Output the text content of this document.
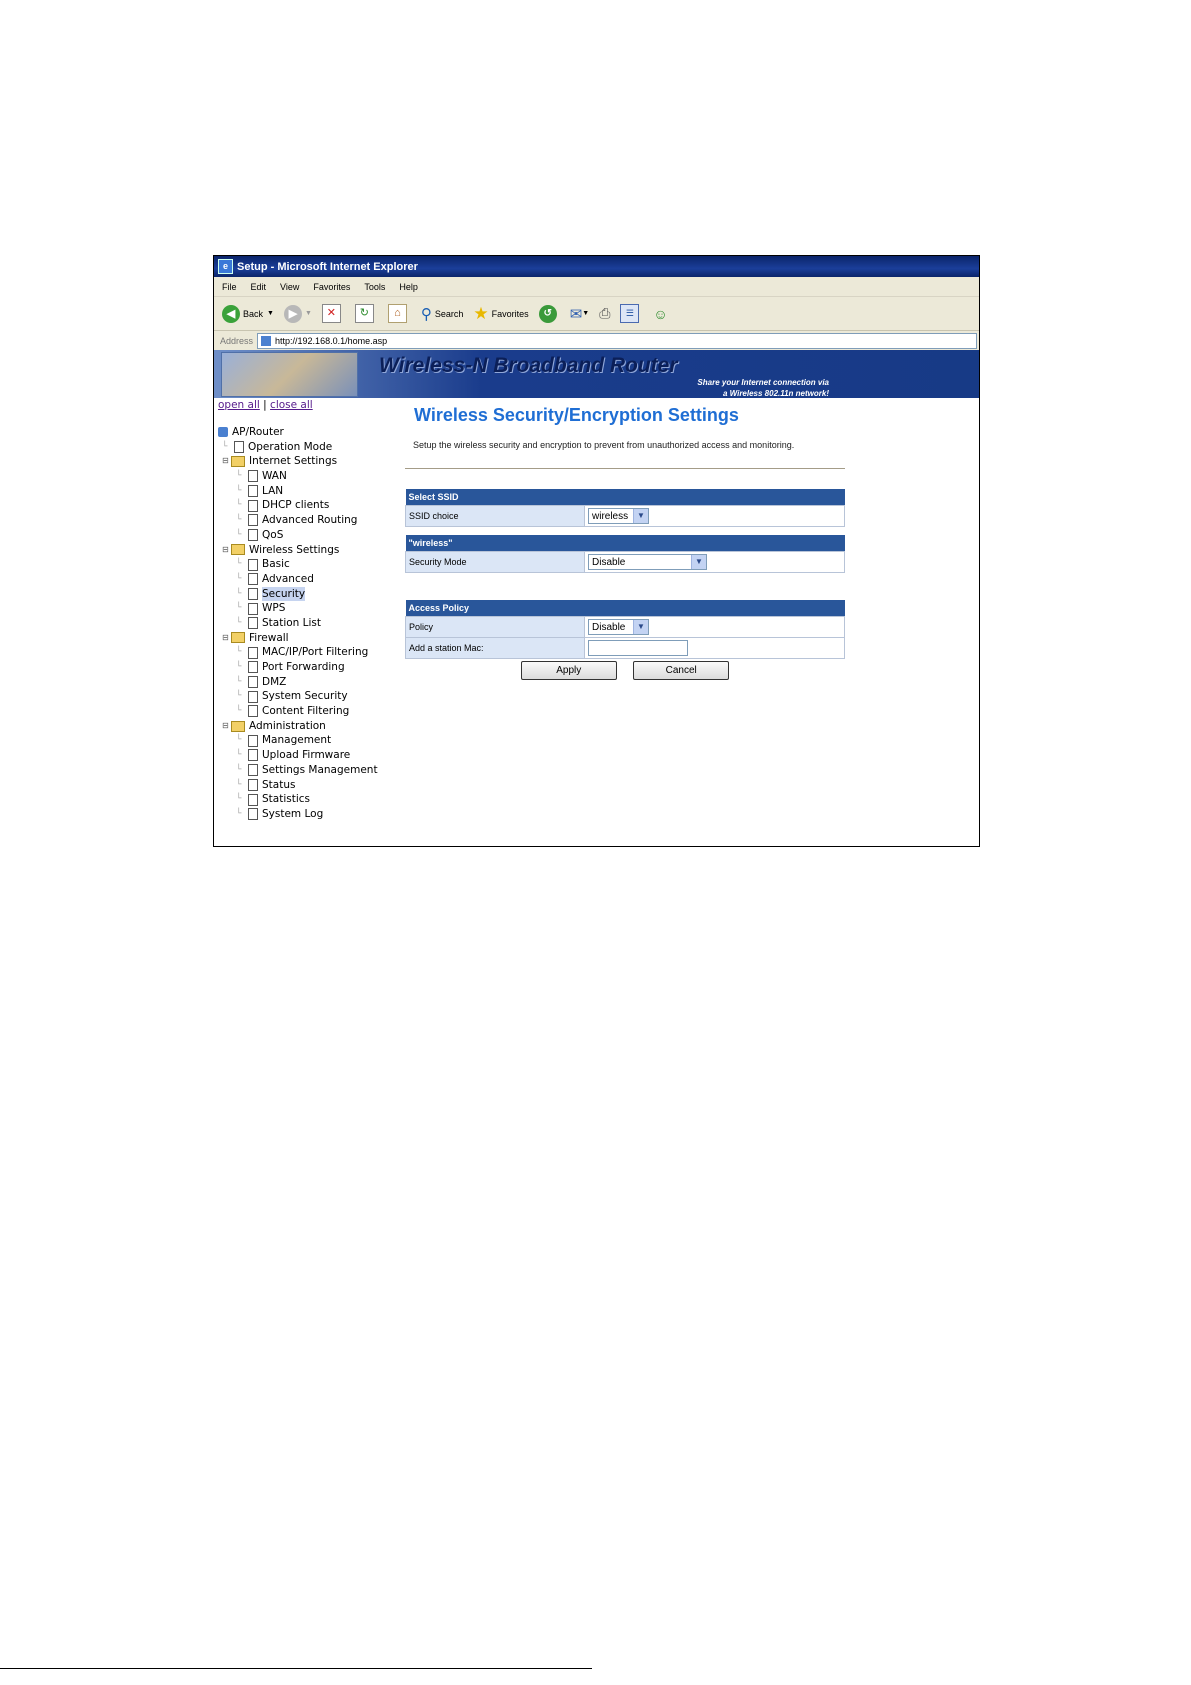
e Setup - Microsoft Internet Explorer
File Edit View Favorites Tools Help
◀ Back ▼	▶	▼	✕	↻	⌂	⚲ Search ★ Favorites	↺	✉ ▼ ⎙	☰	☺
Address	http://192.168.0.1/home.asp
Wireless-N Broadband Router
Share your Internet connection via
a Wireless 802.11n network!
open all | close all
AP/Router
└	Operation Mode
⊟ Internet Settings
└	WAN
└	LAN
└	DHCP clients
└	Advanced Routing
└	QoS
⊟ Wireless Settings
└	Basic
└	Advanced
└	Security
└	WPS
└	Station List
⊟ Firewall
└	MAC/IP/Port Filtering
└	Port Forwarding
└	DMZ
└	System Security
└	Content Filtering
⊟ Administration
└	Management
└	Upload Firmware
└	Settings Management
└	Status
└	Statistics
└	System Log
Wireless Security/Encryption Settings
Setup the wireless security and encryption to prevent from unauthorized access and monitoring.
Select SSID
SSID choice	wireless	▼
"wireless"
Security Mode	Disable	▼
Access Policy	
Policy	Disable ▼

Add a station Mac:	
Apply	Cancel
